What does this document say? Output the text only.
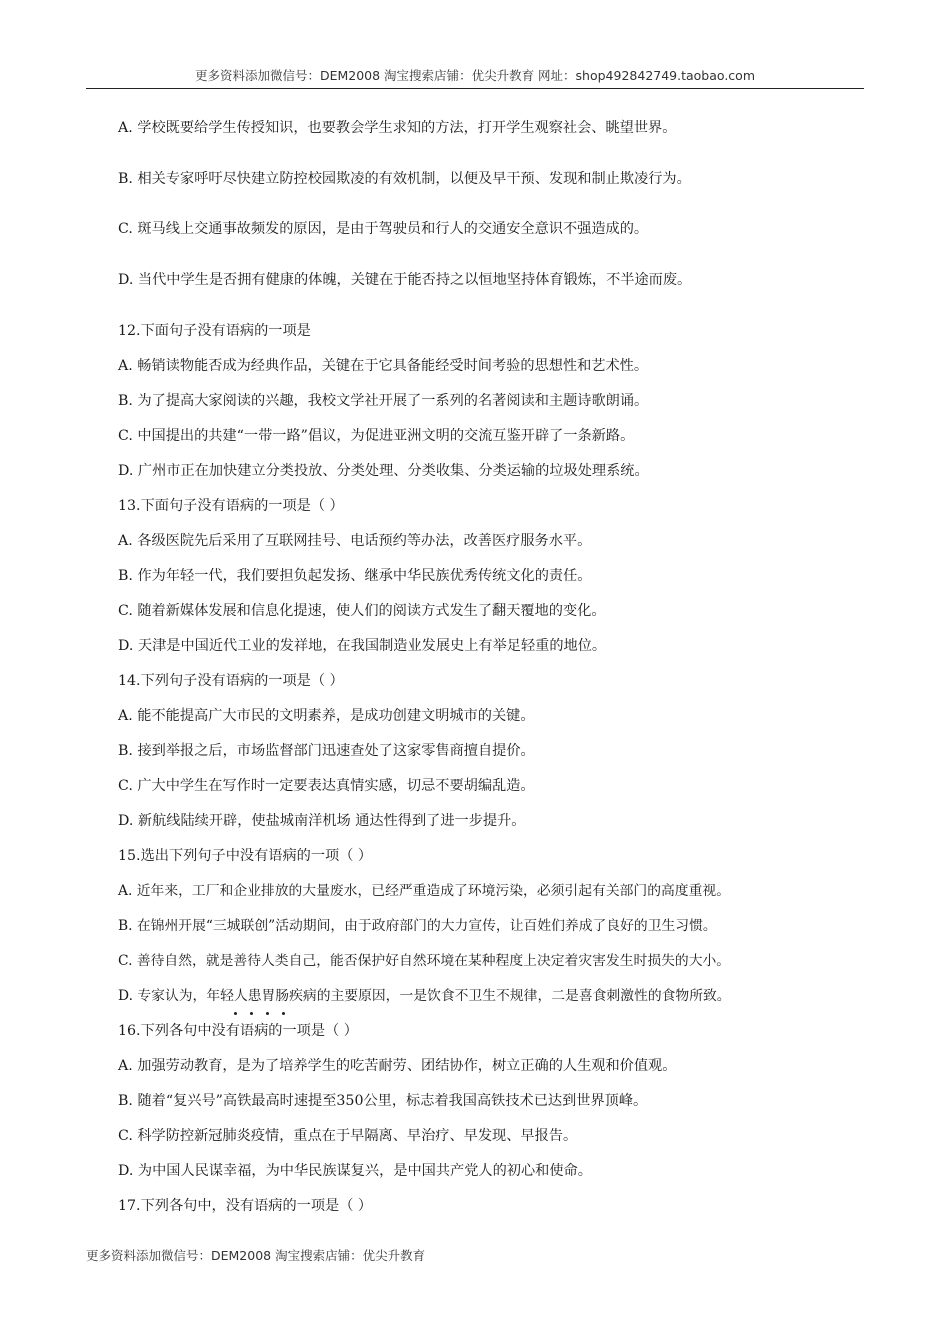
更多资料添加微信号：DEM2008 淘宝搜索店铺：优尖升教育 网址：shop492842749.taobao.com
A. 学校既要给学生传授知识，也要教会学生求知的方法，打开学生观察社会、眺望世界。
B. 相关专家呼吁尽快建立防控校园欺凌的有效机制，以便及早干预、发现和制止欺凌行为。
C. 斑马线上交通事故频发的原因，是由于驾驶员和行人的交通安全意识不强造成的。
D. 当代中学生是否拥有健康的体魄，关键在于能否持之以恒地坚持体育锻炼，不半途而废。
12.下面句子没有语病的一项是
A. 畅销读物能否成为经典作品，关键在于它具备能经受时间考验的思想性和艺术性。
B. 为了提高大家阅读的兴趣，我校文学社开展了一系列的名著阅读和主题诗歌朗诵。
C. 中国提出的共建“一带一路”倡议，为促进亚洲文明的交流互鉴开辟了一条新路。
D. 广州市正在加快建立分类投放、分类处理、分类收集、分类运输的垃圾处理系统。
13.下面句子没有语病的一项是（ ）
A. 各级医院先后采用了互联网挂号、电话预约等办法，改善医疗服务水平。
B. 作为年轻一代，我们要担负起发扬、继承中华民族优秀传统文化的责任。
C. 随着新媒体发展和信息化提速，使人们的阅读方式发生了翻天覆地的变化。
D. 天津是中国近代工业的发祥地，在我国制造业发展史上有举足轻重的地位。
14.下列句子没有语病的一项是（ ）
A. 能不能提高广大市民的文明素养，是成功创建文明城市的关键。
B. 接到举报之后，市场监督部门迅速查处了这家零售商擅自提价。
C. 广大中学生在写作时一定要表达真情实感，切忌不要胡编乱造。
D. 新航线陆续开辟，使盐城南洋机场 通达性得到了进一步提升。
15.选出下列句子中没有语病的一项（ ）
A. 近年来，工厂和企业排放的大量废水，已经严重造成了环境污染，必须引起有关部门的高度重视。
B. 在锦州开展“三城联创”活动期间，由于政府部门的大力宣传，让百姓们养成了良好的卫生习惯。
C. 善待自然，就是善待人类自己，能否保护好自然环境在某种程度上决定着灾害发生时损失的大小。
D. 专家认为，年轻人患胃肠疾病的主要原因，一是饮食不卫生不规律，二是喜食刺激性的食物所致。
16.下列各句中没有语病的一项是（ ）
A. 加强劳动教育，是为了培养学生的吃苦耐劳、团结协作，树立正确的人生观和价值观。
B. 随着“复兴号”高铁最高时速提至350公里，标志着我国高铁技术已达到世界顶峰。
C. 科学防控新冠肺炎疫情，重点在于早隔离、早治疗、早发现、早报告。
D. 为中国人民谋幸福，为中华民族谋复兴，是中国共产党人的初心和使命。
17.下列各句中，没有语病的一项是（ ）
更多资料添加微信号：DEM2008 淘宝搜索店铺：优尖升教育
